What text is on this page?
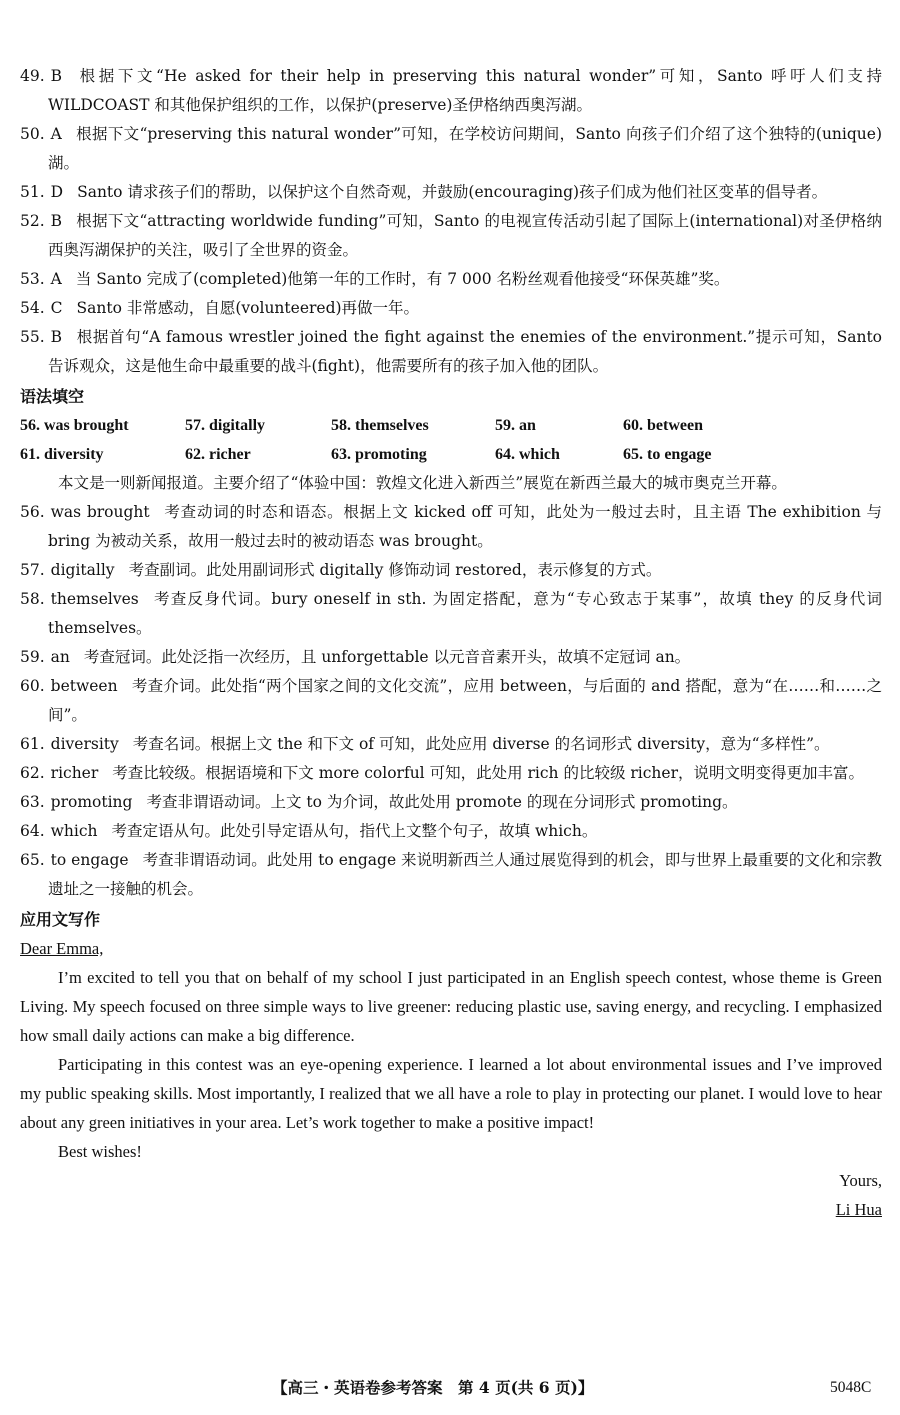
49. B 根据下文“He asked for their help in preserving this natural wonder”可知，Santo 呼吁人们支持 WILDCOAST 和其他保护组织的工作，以保护(preserve)圣伊格纳西奥泻湖。
50. A 根据下文“preserving this natural wonder”可知，在学校访问期间，Santo 向孩子们介绍了这个独特的(unique)湖。
51. D Santo 请求孩子们的帮助，以保护这个自然奇观，并鼓励(encouraging)孩子们成为他们社区变革的倡导者。
52. B 根据下文“attracting worldwide funding”可知，Santo 的电视宣传活动引起了国际上(international)对圣伊格纳西奥泻湖保护的关注，吸引了全世界的资金。
53. A 当 Santo 完成了(completed)他第一年的工作时，有 7 000 名粉丝观看他接受“环保英雄”奖。
54. C Santo 非常感动，自愿(volunteered)再做一年。
55. B 根据首句“A famous wrestler joined the fight against the enemies of the environment.”提示可知，Santo 告诉观众，这是他生命中最重要的战斗(fight)，他需要所有的孩子加入他的团队。
语法填空
56. was brought	57. digitally	58. themselves	59. an	60. between
61. diversity	62. richer	63. promoting	64. which	65. to engage
本文是一则新闻报道。主要介绍了“体验中国：敦煌文化进入新西兰”展览在新西兰最大的城市奥克兰开幕。
56. was brought 考查动词的时态和语态。根据上文 kicked off 可知，此处为一般过去时，且主语 The exhibition 与 bring 为被动关系，故用一般过去时的被动语态 was brought。
57. digitally 考查副词。此处用副词形式 digitally 修饰动词 restored，表示修复的方式。
58. themselves 考查反身代词。bury oneself in sth. 为固定搭配，意为“专心致志于某事”，故填 they 的反身代词 themselves。
59. an 考查冠词。此处泛指一次经历，且 unforgettable 以元音音素开头，故填不定冠词 an。
60. between 考查介词。此处指“两个国家之间的文化交流”，应用 between，与后面的 and 搭配，意为“在……和……之间”。
61. diversity 考查名词。根据上文 the 和下文 of 可知，此处应用 diverse 的名词形式 diversity，意为“多样性”。
62. richer 考查比较级。根据语境和下文 more colorful 可知，此处用 rich 的比较级 richer，说明文明变得更加丰富。
63. promoting 考查非谓语动词。上文 to 为介词，故此处用 promote 的现在分词形式 promoting。
64. which 考查定语从句。此处引导定语从句，指代上文整个句子，故填 which。
65. to engage 考查非谓语动词。此处用 to engage 来说明新西兰人通过展览得到的机会，即与世界上最重要的文化和宗教遗址之一接触的机会。
应用文写作
Dear Emma,
I’m excited to tell you that on behalf of my school I just participated in an English speech contest, whose theme is Green Living. My speech focused on three simple ways to live greener: reducing plastic use, saving energy, and recycling. I emphasized how small daily actions can make a big difference.
Participating in this contest was an eye-opening experience. I learned a lot about environmental issues and I’ve improved my public speaking skills. Most importantly, I realized that we all have a role to play in protecting our planet. I would love to hear about any green initiatives in your area. Let’s work together to make a positive impact!
Best wishes!
Yours,
Li Hua
【高三・英语卷参考答案　第 4 页(共 6 页)】	5048C
